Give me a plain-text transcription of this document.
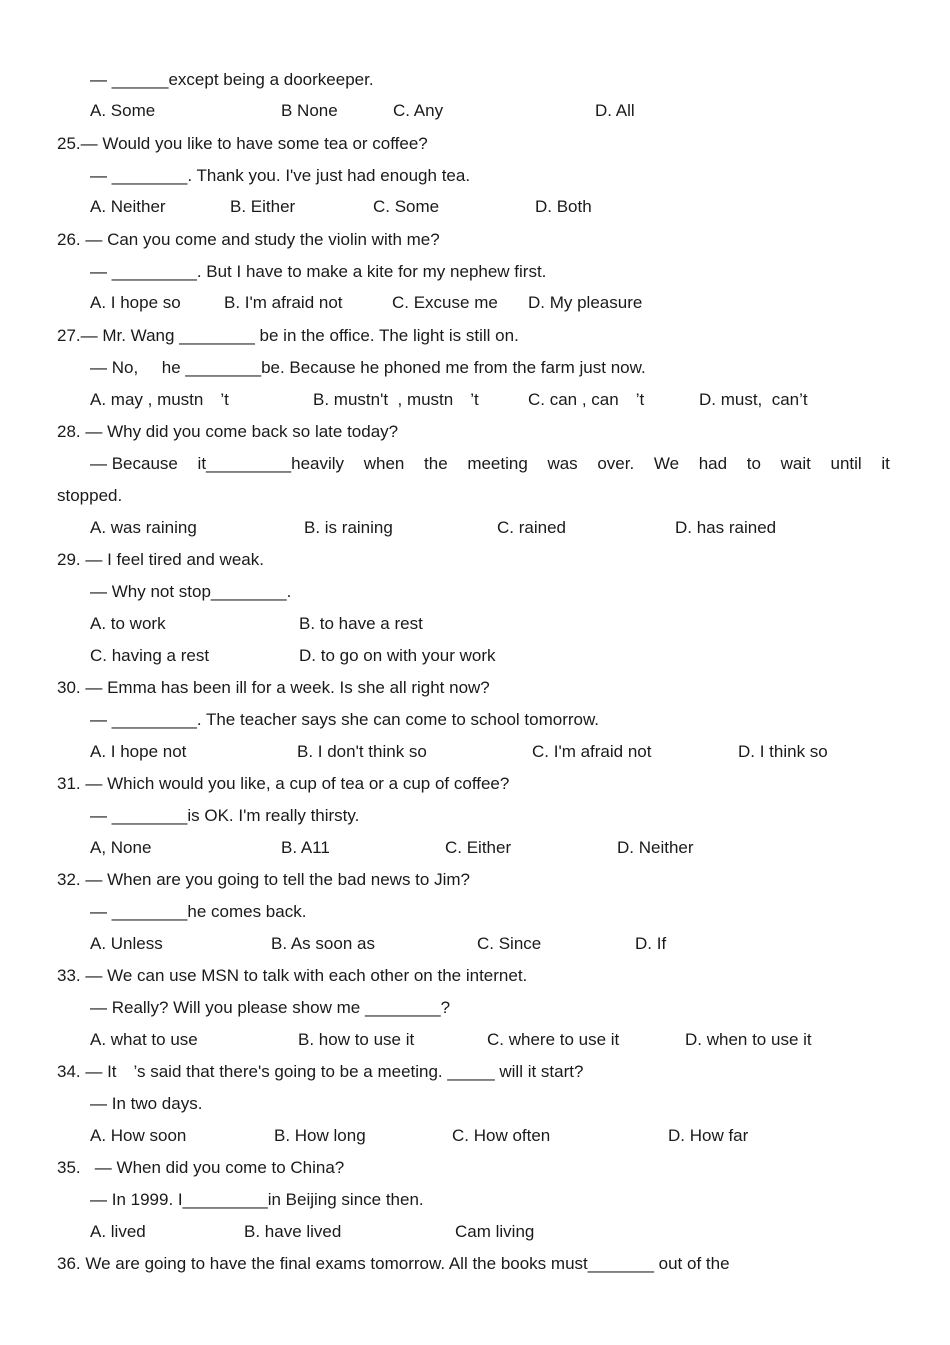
— ______except being a doorkeeper.
A. Some	B None	C. Any	D. All
25.— Would you like to have some tea or coffee?
— ________. Thank you. I've just had enough tea.
A. Neither	B. Either	C. Some	D. Both
26. — Can you come and study the violin with me?
— _________. But I have to make a kite for my nephew first.
A. I hope so	B. I'm afraid not	C. Excuse me D. My pleasure
27.— Mr. Wang ________ be in the office. The light is still on.
— No,     he ________be. Because he phoned me from the farm just now.
A. may , mustn　’t	B. mustn't  , mustn　’t	C. can , can　’t	D. must,  can’t
28. — Why did you come back so late today?
— Because it_________heavily when the meeting was over. We had to wait until it
stopped.
A. was raining	B. is raining	C. rained	D. has rained
29. — I feel tired and weak.
— Why not stop________.
A. to work	B. to have a rest
C. having a rest	D. to go on with your work
30. — Emma has been ill for a week. Is she all right now?
— _________. The teacher says she can come to school tomorrow.
A. I hope not	B. I don't think so	C. I'm afraid not	D. I think so
31. — Which would you like, a cup of tea or a cup of coffee?
— ________is OK. I'm really thirsty.
A, None	B. A11	C. Either	D. Neither
32. — When are you going to tell the bad news to Jim?
— ________he comes back.
A. Unless	B. As soon as	C. Since	D. If
33. — We can use MSN to talk with each other on the internet.
— Really? Will you please show me ________?
A. what to use	B. how to use it	C. where to use it	D. when to use it
34. — It　’s said that there's going to be a meeting. _____ will it start?
— In two days.
A. How soon	B. How long	C. How often	D. How far
35.   — When did you come to China?
— In 1999. I_________in Beijing since then.
A. lived	B. have lived	Cam living
36. We are going to have the final exams tomorrow. All the books must_______ out of the
